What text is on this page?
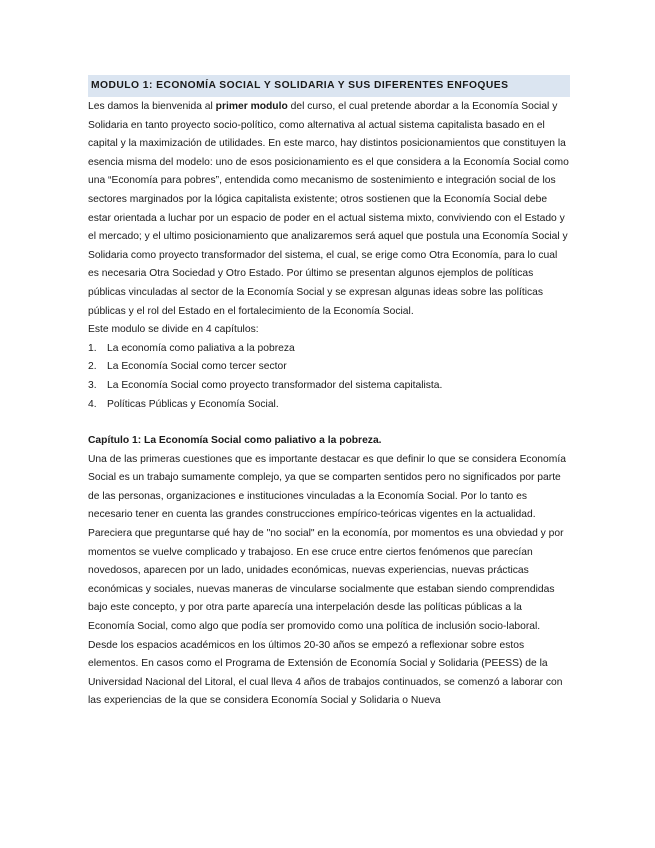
MODULO 1: ECONOMÍA SOCIAL Y SOLIDARIA Y SUS DIFERENTES ENFOQUES

Les damos la bienvenida al primer modulo del curso, el cual pretende abordar a la Economía Social y Solidaria en tanto proyecto socio-político, como alternativa al actual sistema capitalista basado en el capital y la maximización de utilidades. En este marco, hay distintos posicionamientos que constituyen la esencia misma del modelo: uno de esos posicionamiento es el que considera a la Economía Social como una “Economía para pobres”, entendida como mecanismo de sostenimiento e integración social de los sectores marginados por la lógica capitalista existente; otros sostienen que la Economía Social debe estar orientada a luchar por un espacio de poder en el actual sistema mixto, conviviendo con el Estado y el mercado; y el ultimo posicionamiento que analizaremos será aquel que postula una Economía Social y Solidaria como proyecto transformador del sistema, el cual, se erige como Otra Economía, para lo cual es necesaria Otra Sociedad y Otro Estado. Por último se presentan algunos ejemplos de políticas públicas vinculadas al sector de la Economía Social y se expresan algunas ideas sobre las políticas públicas y el rol del Estado en el fortalecimiento de la Economía Social.

Este modulo se divide en 4 capítulos:

1.	La economía como paliativa a la pobreza
2.	La Economía Social como tercer sector
3.	La Economía Social como proyecto transformador del sistema capitalista.
4.	Políticas Públicas y Economía Social.

Capítulo 1: La Economía Social como paliativo a la pobreza.

Una de las primeras cuestiones que es importante destacar es que definir lo que se considera Economía Social es un trabajo sumamente complejo, ya que se comparten sentidos pero no significados por parte de las personas, organizaciones e instituciones vinculadas a la Economía Social. Por lo tanto es necesario tener en cuenta las grandes construcciones empírico-teóricas vigentes en la actualidad.

Pareciera que preguntarse qué hay de "no social" en la economía, por momentos es una obviedad y por momentos se vuelve complicado y trabajoso. En ese cruce entre ciertos fenómenos que parecían novedosos, aparecen por un lado, unidades económicas, nuevas experiencias, nuevas prácticas económicas y sociales, nuevas maneras de vincularse socialmente que estaban siendo comprendidas bajo este concepto, y por otra parte aparecía una interpelación desde las políticas públicas a la Economía Social, como algo que podía ser promovido como una política de inclusión socio-laboral.

Desde los espacios académicos en los últimos 20-30 años se empezó a reflexionar sobre estos elementos. En casos como el Programa de Extensión de Economía Social y Solidaria (PEESS) de la Universidad Nacional del Litoral, el cual lleva 4 años de trabajos continuados, se comenzó a laborar con las experiencias de la que se considera Economía Social y Solidaria o Nueva
